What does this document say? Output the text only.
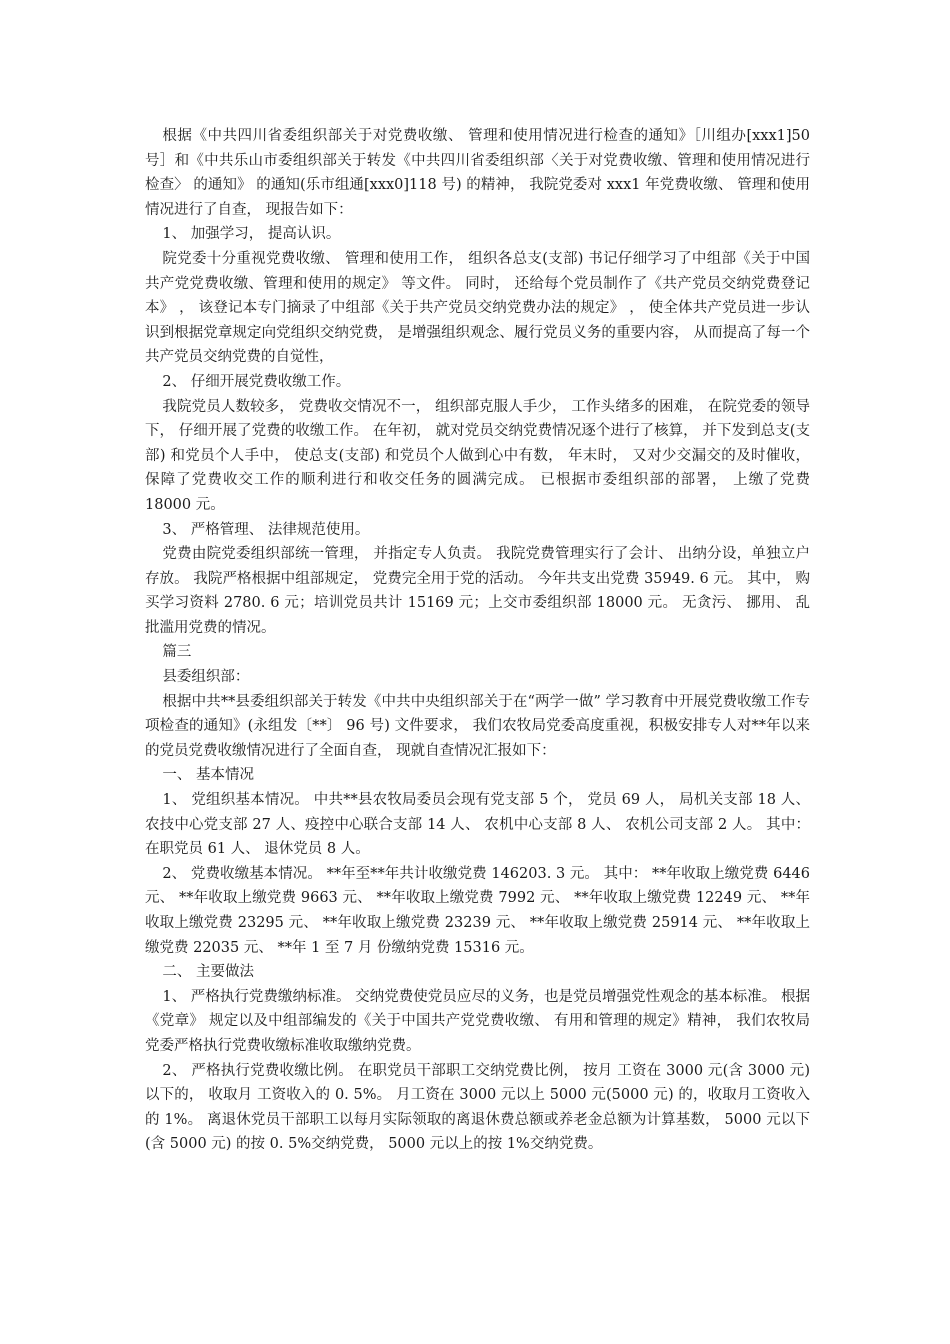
根据《中共四川省委组织部关于对党费收缴、 管理和使用情况进行检查的通知》［川组办[xxx1]50 号］和《中共乐山市委组织部关于转发《中共四川省委组织部〈关于对党费收缴、管理和使用情况进行检查〉 的通知》 的通知(乐市组通[xxx0]118 号) 的精神， 我院党委对 xxx1 年党费收缴、 管理和使用情况进行了自查， 现报告如下：

1、 加强学习， 提高认识。

院党委十分重视党费收缴、 管理和使用工作， 组织各总支(支部) 书记仔细学习了中组部《关于中国共产党党费收缴、管理和使用的规定》 等文件。 同时， 还给每个党员制作了《共产党员交纳党费登记本》 ， 该登记本专门摘录了中组部《关于共产党员交纳党费办法的规定》 ， 使全体共产党员进一步认识到根据党章规定向党组织交纳党费， 是增强组织观念、履行党员义务的重要内容， 从而提高了每一个共产党员交纳党费的自觉性，

2、 仔细开展党费收缴工作。

我院党员人数较多， 党费收交情况不一， 组织部克服人手少， 工作头绪多的困难， 在院党委的领导下， 仔细开展了党费的收缴工作。 在年初， 就对党员交纳党费情况逐个进行了核算， 并下发到总支(支部) 和党员个人手中， 使总支(支部) 和党员个人做到心中有数， 年末时， 又对少交漏交的及时催收， 保障了党费收交工作的顺利进行和收交任务的圆满完成。 已根据市委组织部的部署， 上缴了党费 18000 元。

3、 严格管理、 法律规范使用。

党费由院党委组织部统一管理， 并指定专人负责。 我院党费管理实行了会计、 出纳分设，单独立户存放。 我院严格根据中组部规定， 党费完全用于党的活动。 今年共支出党费 35949. 6 元。 其中， 购买学习资料 2780. 6 元；培训党员共计 15169 元；上交市委组织部 18000 元。 无贪污、 挪用、 乱批滥用党费的情况。

篇三

县委组织部：

根据中共**县委组织部关于转发《中共中央组织部关于在“两学一做” 学习教育中开展党费收缴工作专项检查的通知》(永组发〔**〕 96 号) 文件要求， 我们农牧局党委高度重视，积极安排专人对**年以来的党员党费收缴情况进行了全面自查， 现就自查情况汇报如下：

一、 基本情况

1、 党组织基本情况。 中共**县农牧局委员会现有党支部 5 个， 党员 69 人， 局机关支部 18 人、 农技中心党支部 27 人、疫控中心联合支部 14 人、 农机中心支部 8 人、 农机公司支部 2 人。 其中： 在职党员 61 人、 退休党员 8 人。

2、 党费收缴基本情况。 **年至**年共计收缴党费 146203. 3 元。 其中： **年收取上缴党费 6446 元、 **年收取上缴党费 9663 元、 **年收取上缴党费 7992 元、 **年收取上缴党费 12249 元、 **年收取上缴党费 23295 元、 **年收取上缴党费 23239 元、 **年收取上缴党费 25914 元、 **年收取上缴党费 22035 元、 **年 1 至 7 月 份缴纳党费 15316 元。

二、 主要做法

1、 严格执行党费缴纳标准。 交纳党费使党员应尽的义务，也是党员增强党性观念的基本标准。 根据《党章》 规定以及中组部编发的《关于中国共产党党费收缴、 有用和管理的规定》精神， 我们农牧局党委严格执行党费收缴标准收取缴纳党费。

2、 严格执行党费收缴比例。 在职党员干部职工交纳党费比例， 按月 工资在 3000 元(含 3000 元) 以下的， 收取月 工资收入的 0. 5%。 月工资在 3000 元以上 5000 元(5000 元) 的，收取月工资收入的 1%。 离退休党员干部职工以每月实际领取的离退休费总额或养老金总额为计算基数， 5000 元以下(含 5000 元) 的按 0. 5%交纳党费， 5000 元以上的按 1%交纳党费。
